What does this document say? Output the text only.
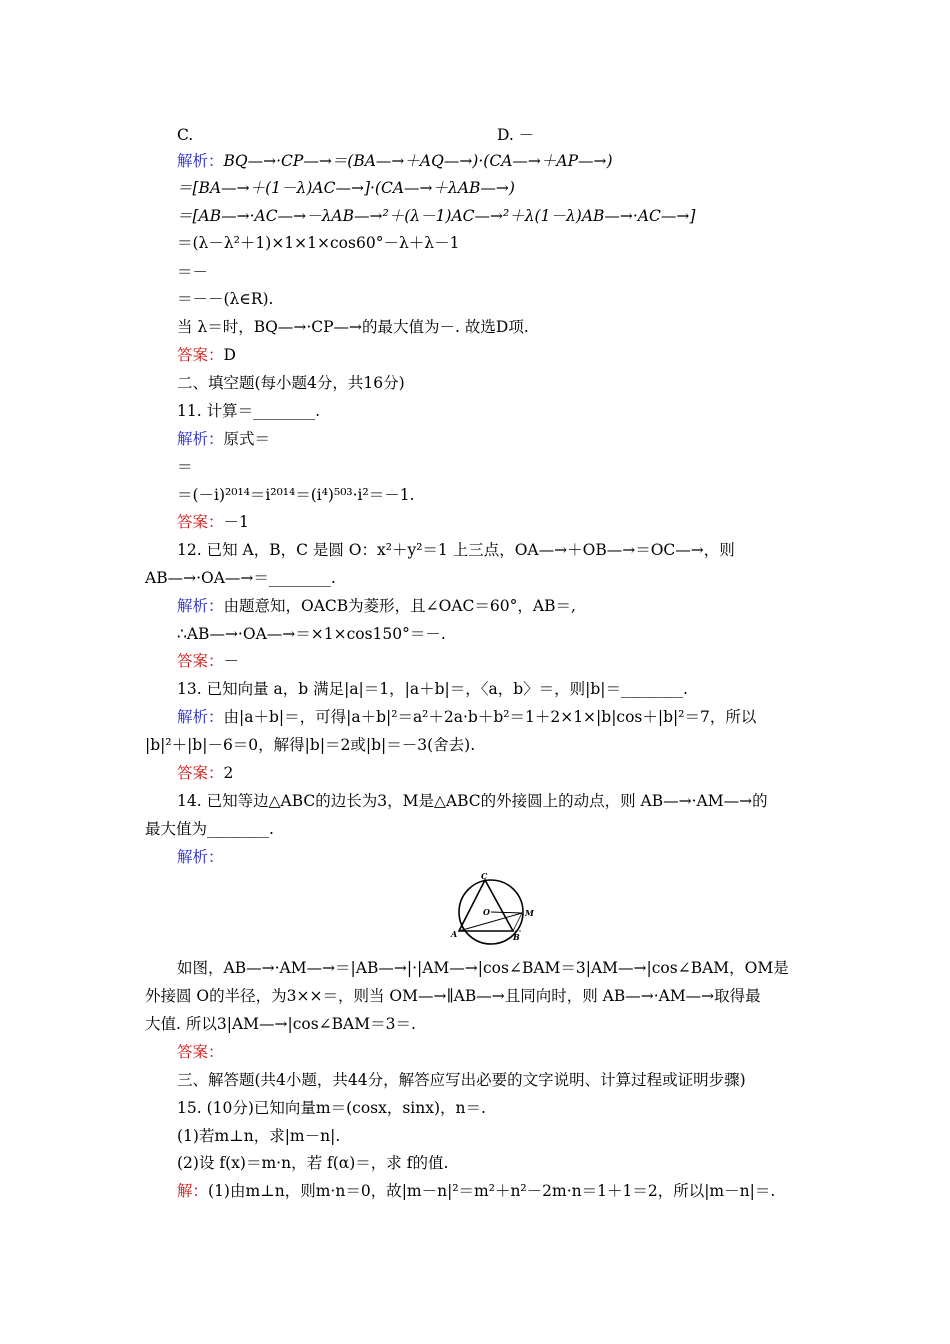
C.	D. －
解析：BQ—→·CP—→＝(BA—→＋AQ—→)·(CA—→＋AP—→)
＝[BA—→＋(1－λ)AC—→]·(CA—→＋λAB—→)
＝[AB—→·AC—→－λAB—→²＋(λ－1)AC—→²＋λ(1－λ)AB—→·AC—→]
＝(λ－λ²＋1)×1×1×cos60°－λ＋λ－1
＝－
＝－－(λ∈R).
当 λ＝时，BQ—→·CP—→的最大值为－. 故选D项.
答案：D
二、填空题(每小题4分，共16分)
11. 计算＝________.
解析：原式＝
＝
＝(－i)²⁰¹⁴＝i²⁰¹⁴＝(i⁴)⁵⁰³·i²＝－1.
答案：－1
12. 已知 A，B，C 是圆 O：x²＋y²＝1 上三点，OA—→＋OB—→＝OC—→，则
AB—→·OA—→＝________.
解析：由题意知，OACB为菱形，且∠OAC＝60°，AB＝,
∴AB—→·OA—→＝×1×cos150°＝－.
答案：－
13. 已知向量 a，b 满足|a|＝1，|a＋b|＝，〈a，b〉＝，则|b|＝________.
解析：由|a＋b|＝，可得|a＋b|²＝a²＋2a·b＋b²＝1＋2×1×|b|cos＋|b|²＝7，所以
|b|²＋|b|－6＝0，解得|b|＝2或|b|＝－3(舍去).
答案：2
14. 已知等边△ABC的边长为3，M是△ABC的外接圆上的动点，则 AB—→·AM—→的
最大值为________.
解析：
C
O	M
A	B
如图，AB—→·AM—→＝|AB—→|·|AM—→|cos∠BAM＝3|AM—→|cos∠BAM，OM是
外接圆 O的半径，为3××＝，则当 OM—→∥AB—→且同向时，则 AB—→·AM—→取得最
大值. 所以3|AM—→|cos∠BAM＝3＝.
答案：
三、解答题(共4小题，共44分，解答应写出必要的文字说明、计算过程或证明步骤)
15. (10分)已知向量m＝(cosx，sinx)，n＝.
(1)若m⊥n，求|m－n|.
(2)设 f(x)＝m·n，若 f(α)＝，求 f的值.
解：(1)由m⊥n，则m·n＝0，故|m－n|²＝m²＋n²－2m·n＝1＋1＝2，所以|m－n|＝.
